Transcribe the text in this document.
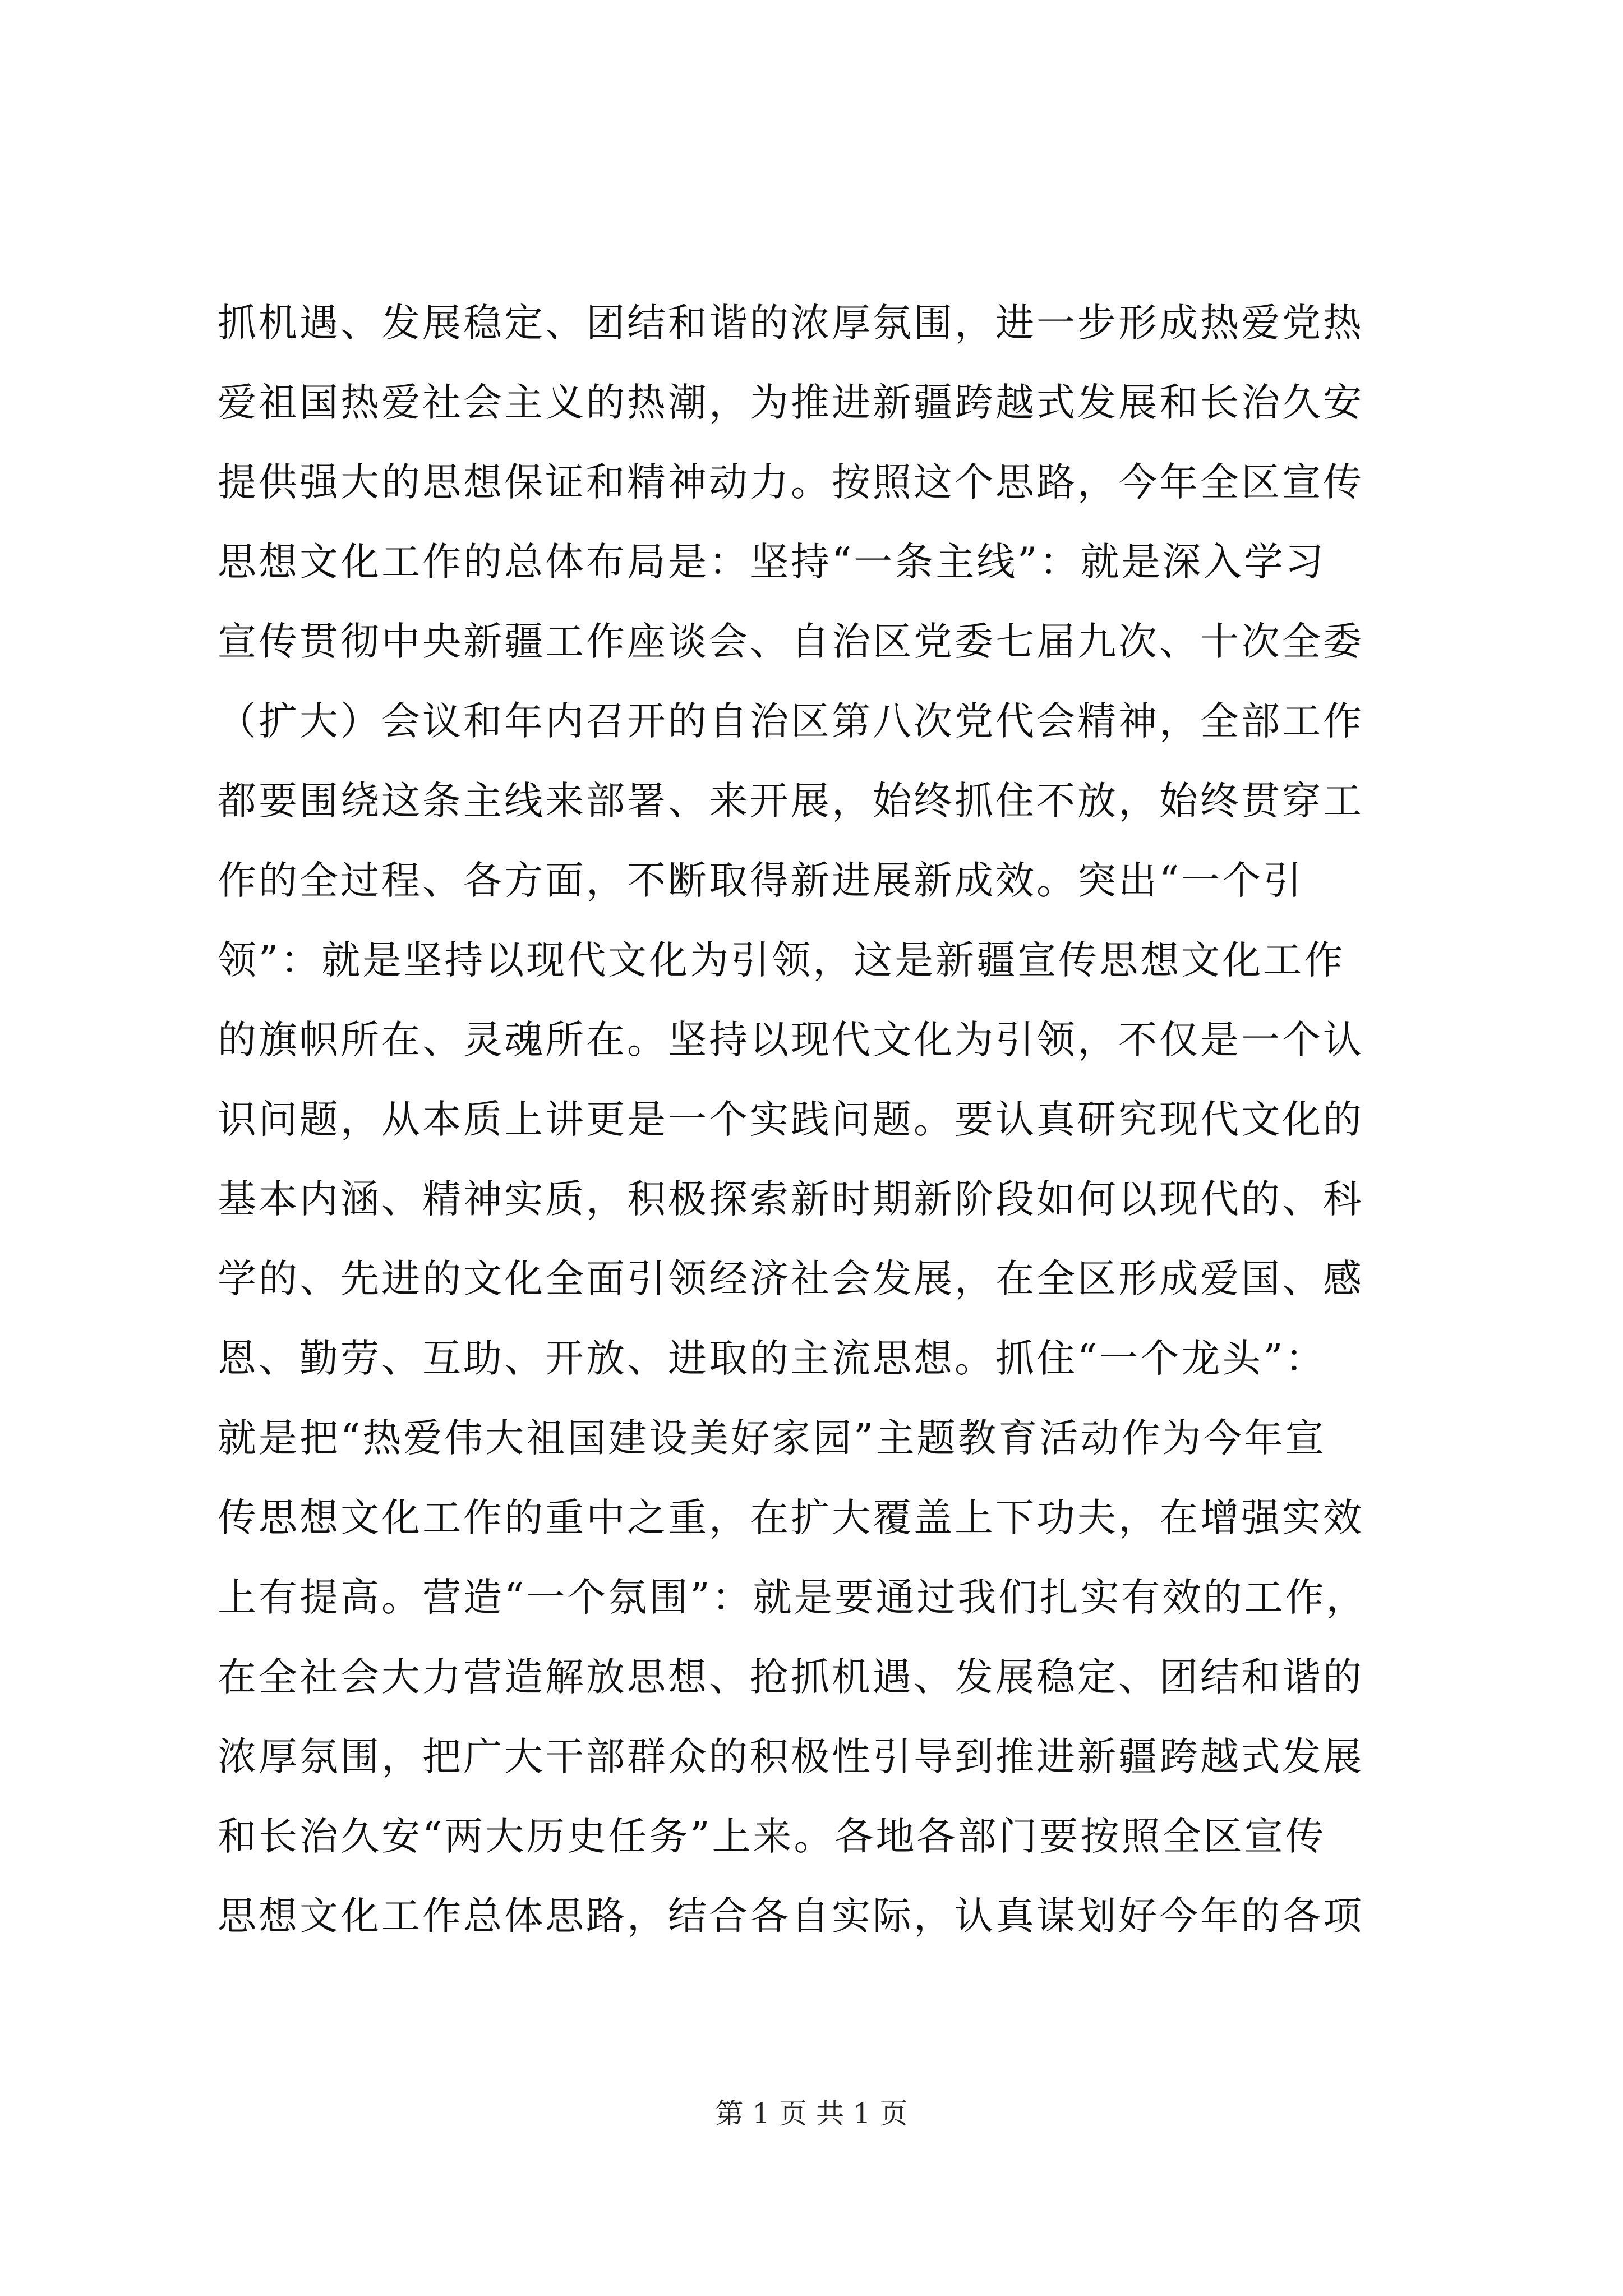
抓机遇、发展稳定、团结和谐的浓厚氛围，进一步形成热爱党热
爱祖国热爱社会主义的热潮，为推进新疆跨越式发展和长治久安
提供强大的思想保证和精神动力。按照这个思路，今年全区宣传
思想文化工作的总体布局是：坚持“一条主线”：就是深入学习
宣传贯彻中央新疆工作座谈会、自治区党委七届九次、十次全委
（扩大）会议和年内召开的自治区第八次党代会精神，全部工作
都要围绕这条主线来部署、来开展，始终抓住不放，始终贯穿工
作的全过程、各方面，不断取得新进展新成效。突出“一个引
领”：就是坚持以现代文化为引领，这是新疆宣传思想文化工作
的旗帜所在、灵魂所在。坚持以现代文化为引领，不仅是一个认
识问题，从本质上讲更是一个实践问题。要认真研究现代文化的
基本内涵、精神实质，积极探索新时期新阶段如何以现代的、科
学的、先进的文化全面引领经济社会发展，在全区形成爱国、感
恩、勤劳、互助、开放、进取的主流思想。抓住“一个龙头”：
就是把“热爱伟大祖国建设美好家园”主题教育活动作为今年宣
传思想文化工作的重中之重，在扩大覆盖上下功夫，在增强实效
上有提高。营造“一个氛围”：就是要通过我们扎实有效的工作，
在全社会大力营造解放思想、抢抓机遇、发展稳定、团结和谐的
浓厚氛围，把广大干部群众的积极性引导到推进新疆跨越式发展
和长治久安“两大历史任务”上来。各地各部门要按照全区宣传
思想文化工作总体思路，结合各自实际，认真谋划好今年的各项
第 1 页 共 1 页
